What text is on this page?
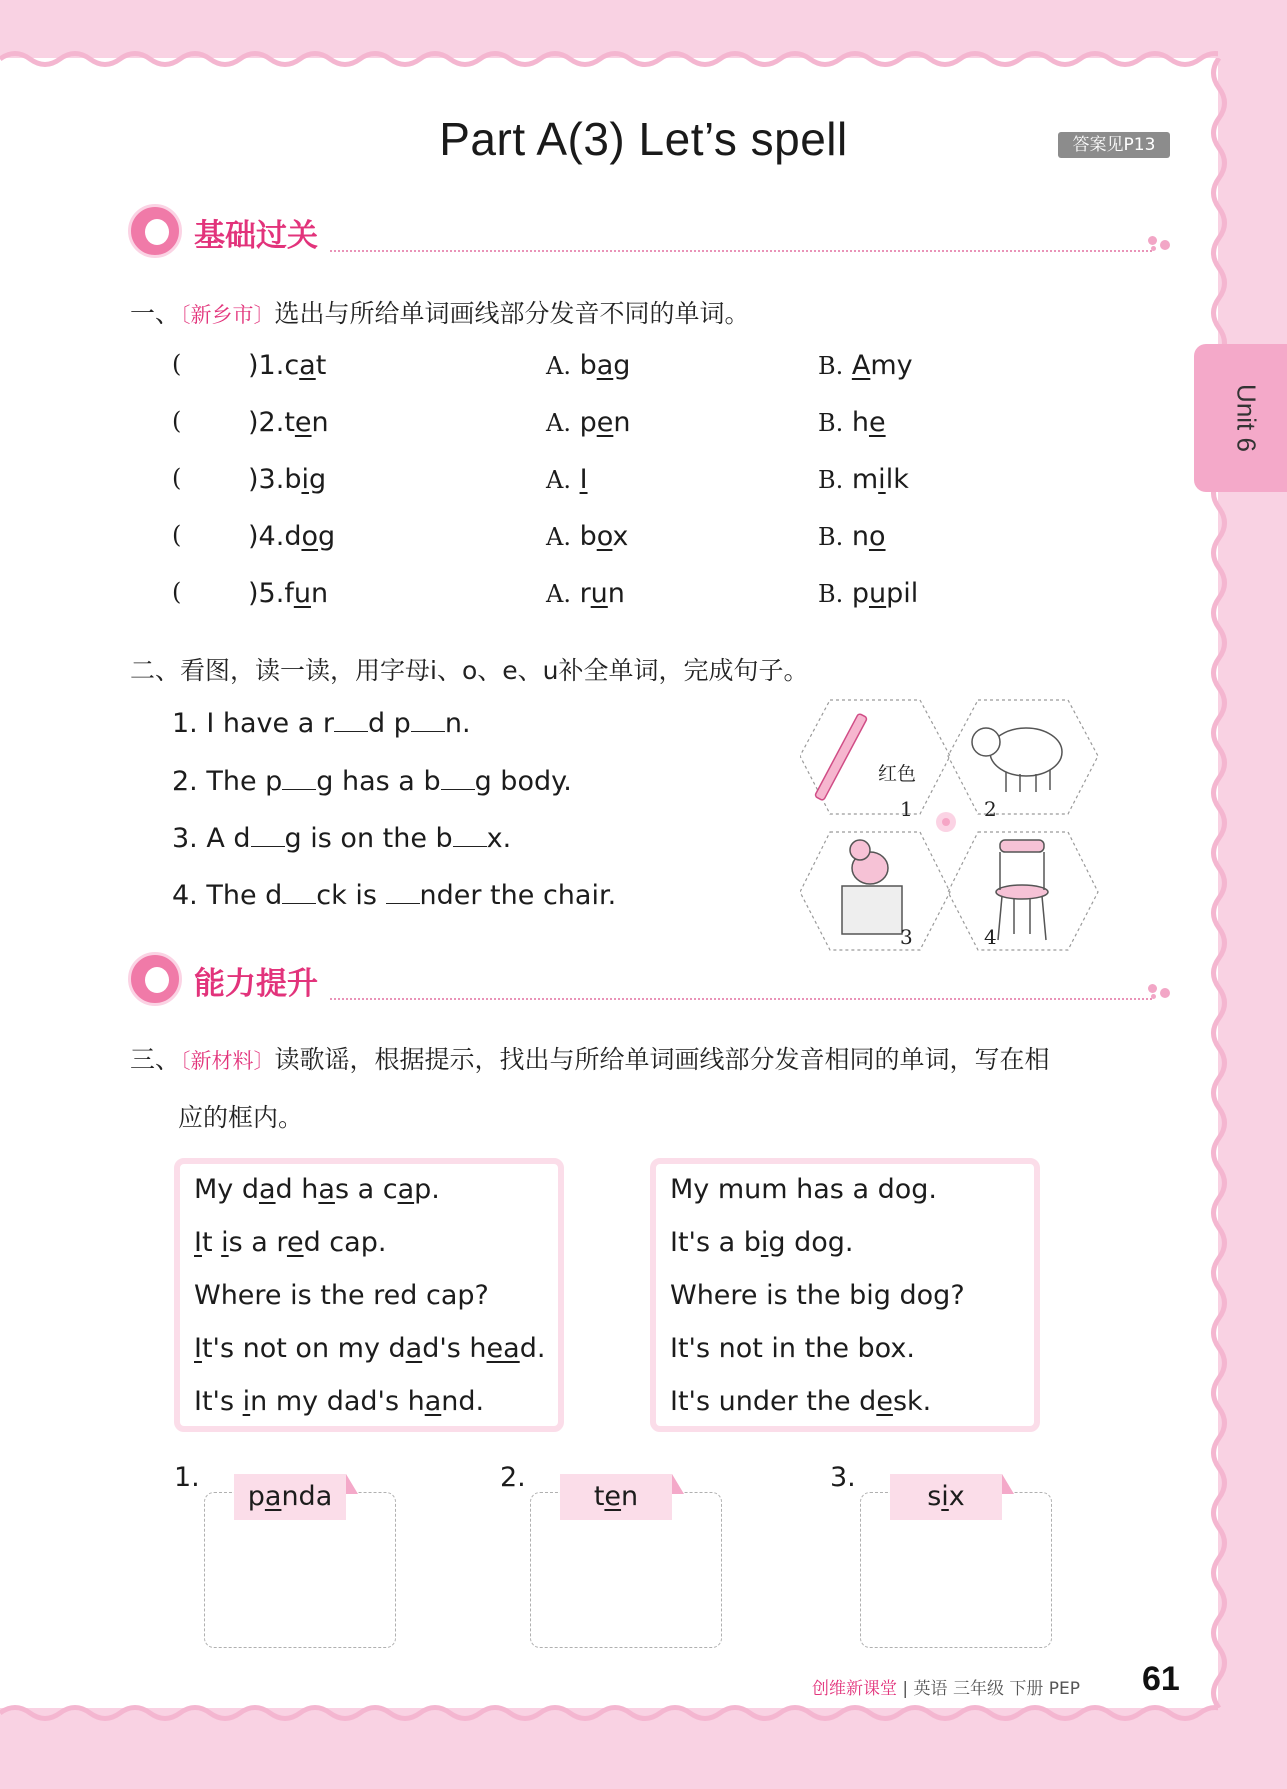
Part A(3) Let’s spell	答案见P13
Unit 6
基础过关
一、〔新乡市〕选出与所给单词画线部分发音不同的单词。
( )1.cat	A. bag	B. Amy
( )2.ten	A. pen	B. he
( )3.big	A. I	B. milk
( )4.dog	A. box	B. no
( )5.fun	A. run	B. pupil
二、看图，读一读，用字母i、o、e、u补全单词，完成句子。
1. I have a r d p n.
2. The p g has a b g body.
3. A d g is on the b x.
4. The d ck is nder the chair.
红色
1	2
3	4
能力提升
三、〔新材料〕读歌谣，根据提示，找出与所给单词画线部分发音相同的单词，写在相
应的框内。
My dad has a cap.
It is a red cap.
Where is the red cap?
It's not on my dad's head.
It's in my dad's hand.
My mum has a dog.
It's a big dog.
Where is the big dog?
It's not in the box.
It's under the desk.
1.
panda
2.
ten
3.
six
创维新课堂 | 英语 三年级 下册 PEP 61
